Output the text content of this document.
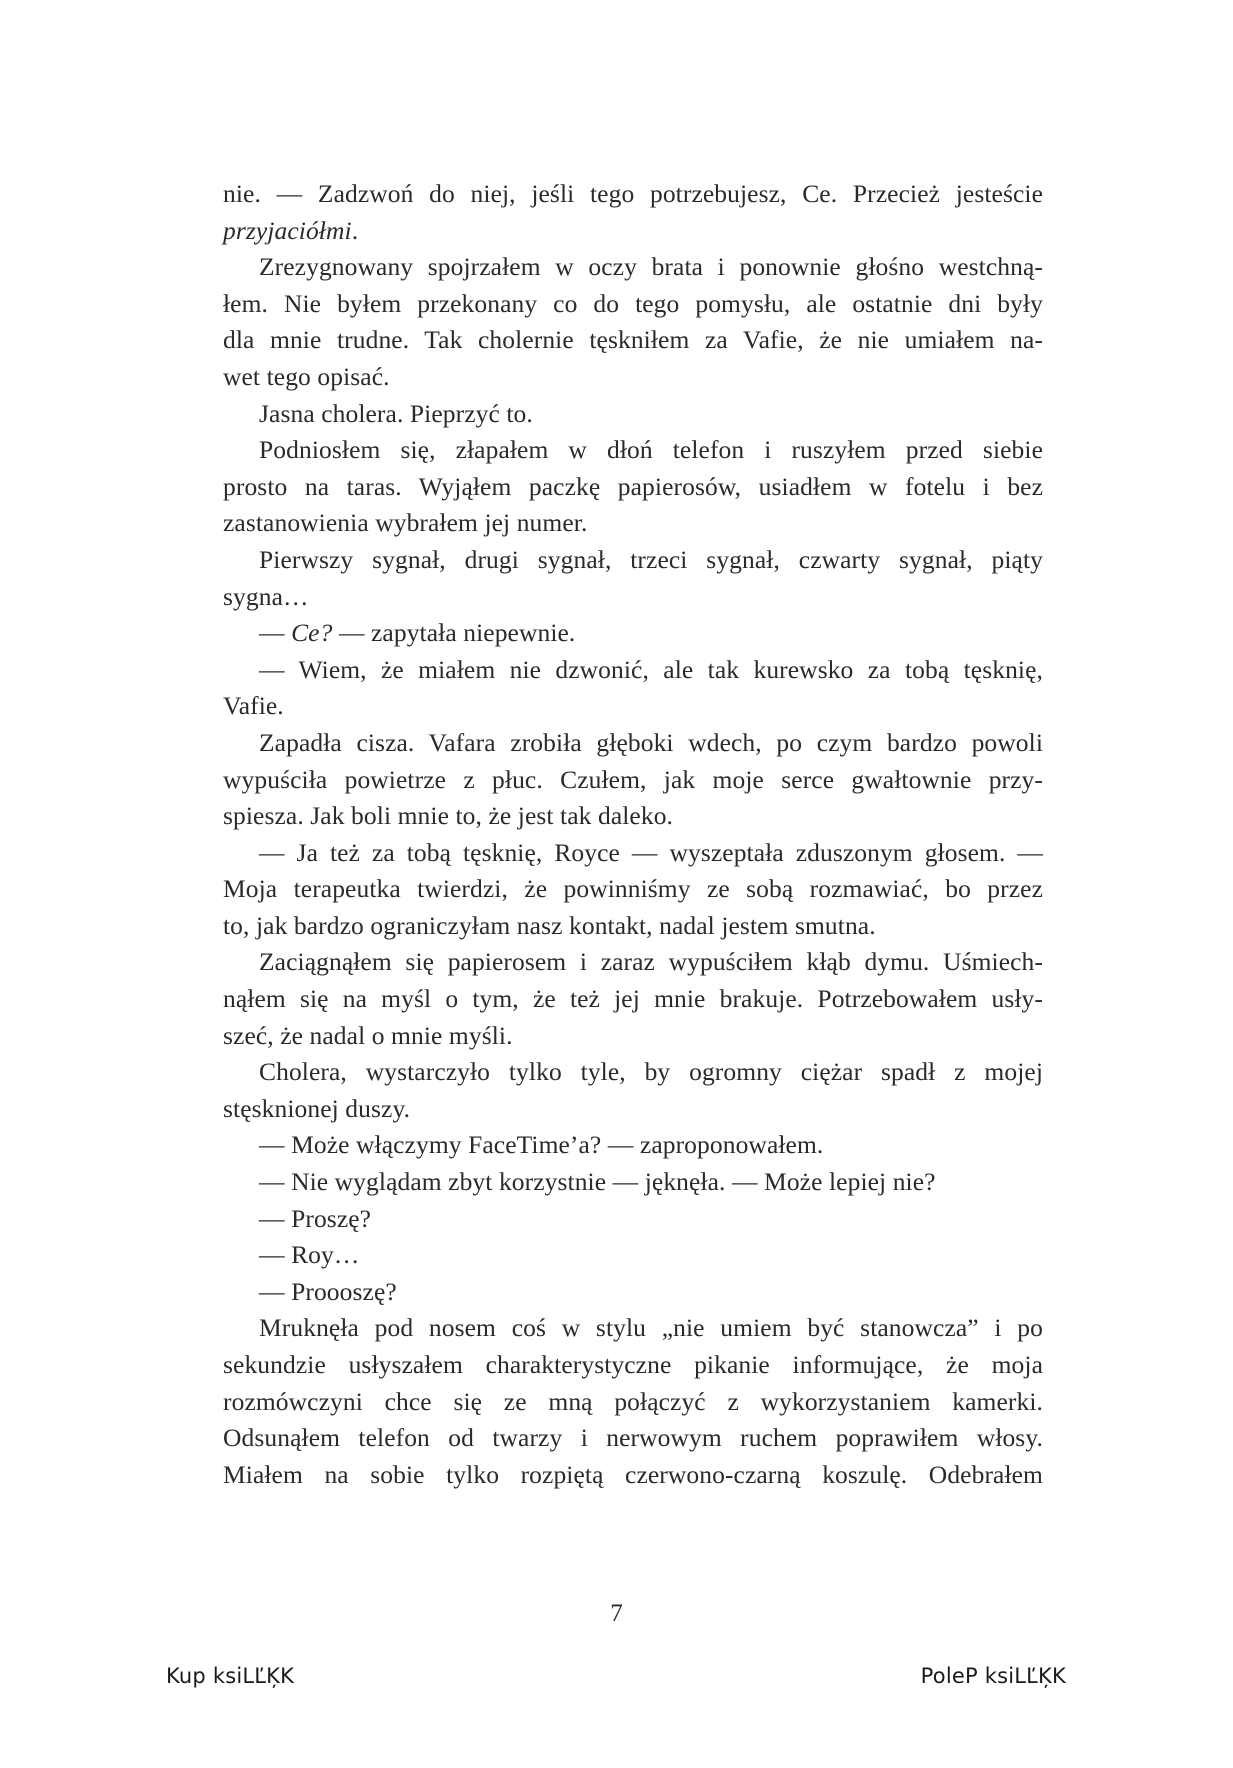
nie. — Zadzwoń do niej, jeśli tego potrzebujesz, Ce. Przecież jesteście
przyjaciółmi.
Zrezygnowany spojrzałem w oczy brata i ponownie głośno westchną-
łem. Nie byłem przekonany co do tego pomysłu, ale ostatnie dni były
dla mnie trudne. Tak cholernie tęskniłem za Vafie, że nie umiałem na-
wet tego opisać.
Jasna cholera. Pieprzyć to.
Podniosłem się, złapałem w dłoń telefon i ruszyłem przed siebie
prosto na taras. Wyjąłem paczkę papierosów, usiadłem w fotelu i bez
zastanowienia wybrałem jej numer.
Pierwszy sygnał, drugi sygnał, trzeci sygnał, czwarty sygnał, piąty
sygna…
— Ce? — zapytała niepewnie.
— Wiem, że miałem nie dzwonić, ale tak kurewsko za tobą tęsknię,
Vafie.
Zapadła cisza. Vafara zrobiła głęboki wdech, po czym bardzo powoli
wypuściła powietrze z płuc. Czułem, jak moje serce gwałtownie przy-
spiesza. Jak boli mnie to, że jest tak daleko.
— Ja też za tobą tęsknię, Royce — wyszeptała zduszonym głosem. —
Moja terapeutka twierdzi, że powinniśmy ze sobą rozmawiać, bo przez
to, jak bardzo ograniczyłam nasz kontakt, nadal jestem smutna.
Zaciągnąłem się papierosem i zaraz wypuściłem kłąb dymu. Uśmiech-
nąłem się na myśl o tym, że też jej mnie brakuje. Potrzebowałem usły-
szeć, że nadal o mnie myśli.
Cholera, wystarczyło tylko tyle, by ogromny ciężar spadł z mojej
stęsknionej duszy.
— Może włączymy FaceTime’a? — zaproponowałem.
— Nie wyglądam zbyt korzystnie — jęknęła. — Może lepiej nie?
— Proszę?
— Roy…
— Proooszę?
Mruknęła pod nosem coś w stylu „nie umiem być stanowcza” i po
sekundzie usłyszałem charakterystyczne pikanie informujące, że moja
rozmówczyni chce się ze mną połączyć z wykorzystaniem kamerki.
Odsunąłem telefon od twarzy i nerwowym ruchem poprawiłem włosy.
Miałem na sobie tylko rozpiętą czerwono-czarną koszulę. Odebrałem
7
Kup ksiLĽĶK	PoleP ksiLĽĶK
